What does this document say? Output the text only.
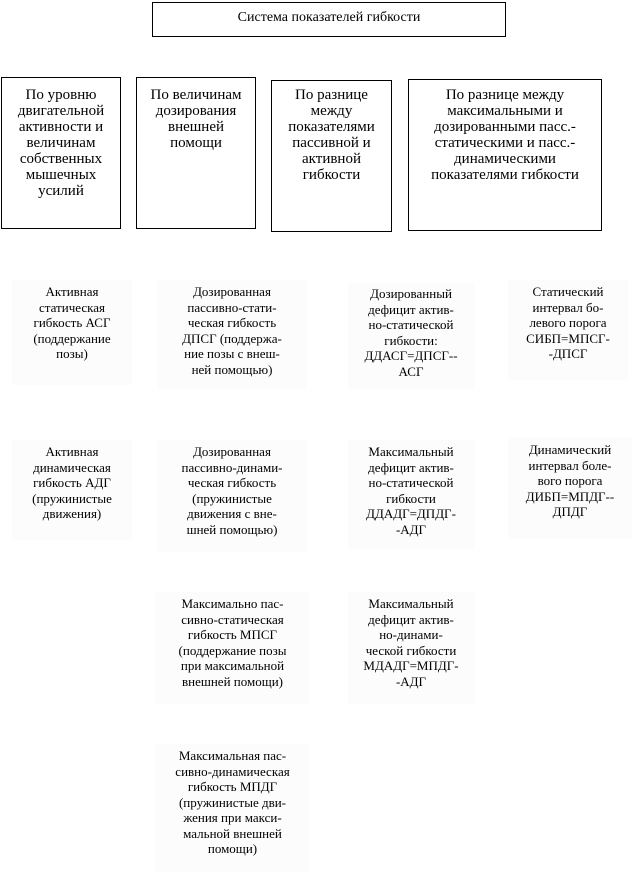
Система показателей гибкости
По уровню двигательной активности и величинам собственных мышечных усилий
По величинам дозирования внешней помощи
По разнице между показателями пассивной и активной гибкости
По разнице между максимальными и дозированными пасс.-статическими и пасс.-динамическими показателями гибкости
Активная
статическая
гибкость АСГ
(поддержание
позы)
Активная
динамическая
гибкость АДГ
(пружинистые
движения)
Дозированная
пассивно-стати-
ческая гибкость
ДПСГ (поддержа-
ние позы с внеш-
ней помощью)
Дозированная
пассивно-динами-
ческая гибкость
(пружинистые
движения с вне-
шней помощью)
Максимально пас-
сивно-статическая
гибкость МПСГ
(поддержание позы
при максимальной
внешней помощи)
Максимальная пас-
сивно-динамическая
гибкость МПДГ
(пружинистые дви-
жения при макси-
мальной внешней
помощи)
Дозированный
дефицит актив-
но-статической
гибкости:
ДДАСГ=ДПСГ--
АСГ
Максимальный
дефицит актив-
но-статической
гибкости
ДДАДГ=ДПДГ-
-АДГ
Максимальный
дефицит актив-
но-динами-
ческой гибкости
МДАДГ=МПДГ-
-АДГ
Статический
интервал бо-
левого порога
СИБП=МПСГ-
-ДПСГ
Динамический
интервал боле-
вого порога
ДИБП=МПДГ--
ДПДГ
